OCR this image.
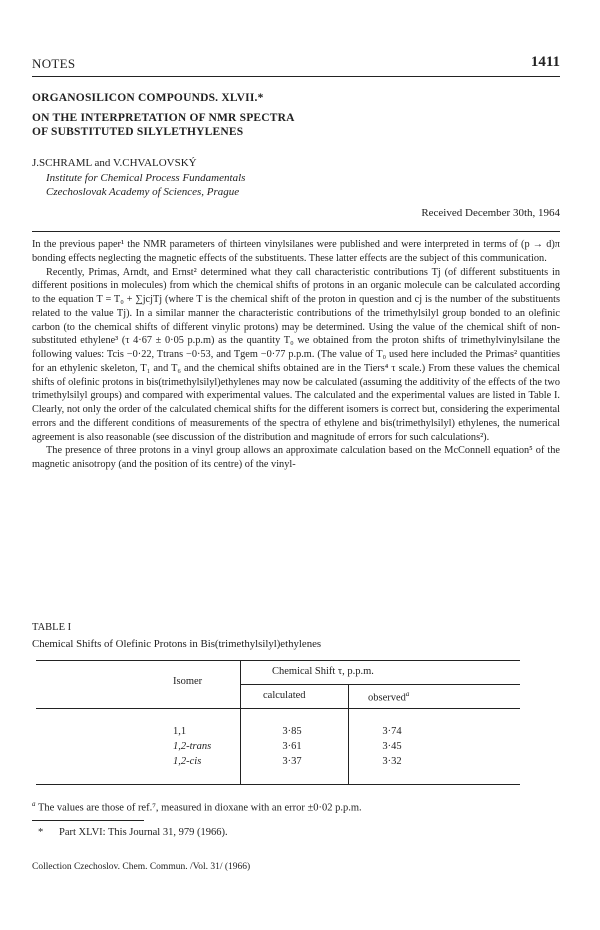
NOTES	1411
ORGANOSILICON COMPOUNDS. XLVII.*
ON THE INTERPRETATION OF NMR SPECTRA
OF SUBSTITUTED SILYLETHYLENES
J.SCHRAML and V.CHVALOVSKÝ
Institute for Chemical Process Fundamentals
Czechoslovak Academy of Sciences, Prague
Received December 30th, 1964

In the previous paper¹ the NMR parameters of thirteen vinylsilanes were published and were interpreted in terms of (p → d)π bonding effects neglecting the magnetic effects of the substituents. These latter effects are the subject of this communication.

Recently, Primas, Arndt, and Ernst² determined what they call characteristic contributions Tj (of different substituents in different positions in molecules) from which the chemical shifts of protons in an organic molecule can be calculated according to the equation T = T₀ + ∑jcjTj (where T is the chemical shift of the proton in question and cj is the number of the substituents related to the value Tj). In a similar manner the characteristic contributions of the trimethylsilyl group bonded to an olefinic carbon (to the chemical shifts of different vinylic protons) may be determined. Using the value of the chemical shift of non-substituted ethylene³ (τ 4·67 ± 0·05 p.p.m) as the quantity T₀ we obtained from the proton shifts of trimethylvinylsilane the following values: Tcis −0·22, Ttrans −0·53, and Tgem −0·77 p.p.m. (The value of T₀ used here included the Primas² quantities for an ethylenic skeleton, T₁ and T₆ and the chemical shifts obtained are in the Tiers⁴ τ scale.) From these values the chemical shifts of olefinic protons in bis(trimethylsilyl)ethylenes may now be calculated (assuming the additivity of the effects of the two trimethylsilyl groups) and compared with experimental values. The calculated and the experimental values are listed in Table I. Clearly, not only the order of the calculated chemical shifts for the different isomers is correct but, considering the experimental errors and the different conditions of measurements of the spectra of ethylene and bis(trimethylsilyl) ethylenes, the numerical agreement is also reasonable (see discussion of the distribution and magnitude of errors for such calculations²).

The presence of three protons in a vinyl group allows an approximate calculation based on the McConnell equation⁵ of the magnetic anisotropy (and the position of its centre) of the vinyl-

TABLE I
Chemical Shifts of Olefinic Protons in Bis(trimethylsilyl)ethylenes
Isomer
Chemical Shift τ, p.p.m.
calculated	observed$^a$
1,1	3·85	3·74
1,2-trans	3·61	3·45
1,2-cis	3·37	3·32
$^a$ The values are those of ref.⁷, measured in dioxane with an error ±0·02 p.p.m.
* Part XLVI: This Journal 31, 979 (1966).
Collection Czechoslov. Chem. Commun. /Vol. 31/ (1966)
